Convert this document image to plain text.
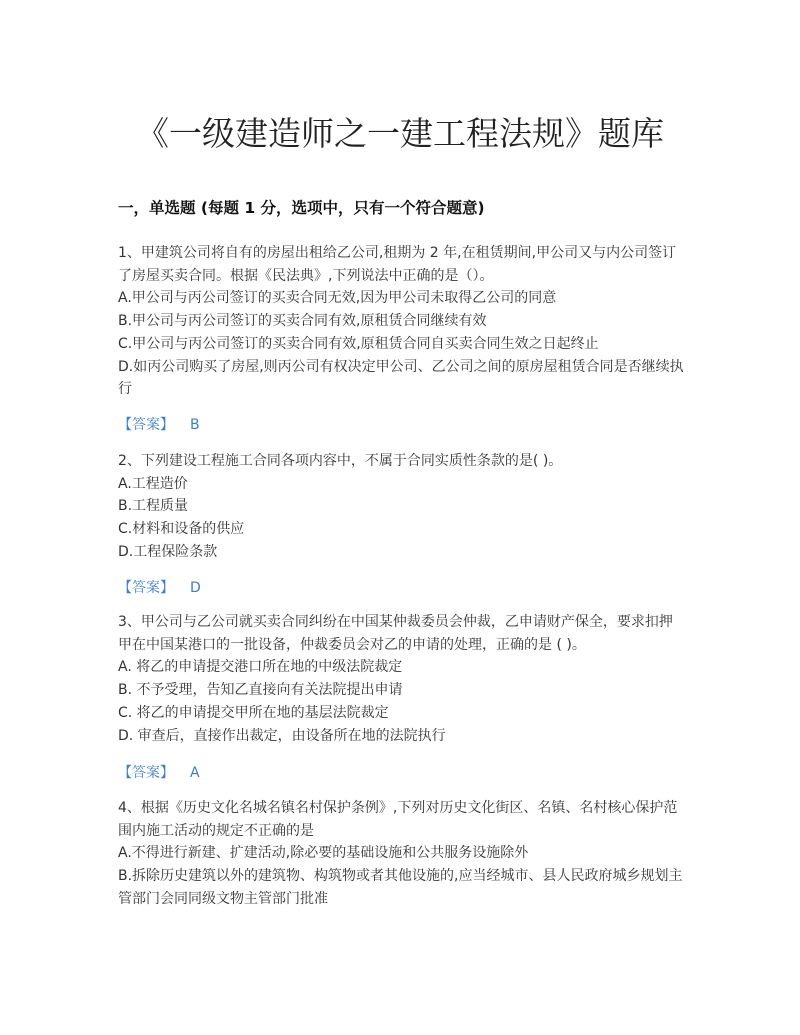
《一级建造师之一建工程法规》题库
一，单选题 (每题 1 分，选项中，只有一个符合题意)

1、甲建筑公司将自有的房屋出租给乙公司,租期为 2 年,在租赁期间,甲公司又与内公司签订了房屋买卖合同。根据《民法典》,下列说法中正确的是（）。

A.甲公司与丙公司签订的买卖合同无效,因为甲公司未取得乙公司的同意

B.甲公司与丙公司签订的买卖合同有效,原租赁合同继续有效

C.甲公司与丙公司签订的买卖合同有效,原租赁合同自买卖合同生效之日起终止

D.如丙公司购买了房屋,则丙公司有权决定甲公司、乙公司之间的原房屋租赁合同是否继续执行

【答案】 B

2、下列建设工程施工合同各项内容中，不属于合同实质性条款的是( )。

A.工程造价

B.工程质量

C.材料和设备的供应

D.工程保险条款

【答案】 D

3、甲公司与乙公司就买卖合同纠纷在中国某仲裁委员会仲裁，乙申请财产保全，要求扣押甲在中国某港口的一批设备，仲裁委员会对乙的申请的处理，正确的是 ( )。

A. 将乙的申请提交港口所在地的中级法院裁定

B. 不予受理，告知乙直接向有关法院提出申请

C. 将乙的申请提交甲所在地的基层法院裁定

D. 审查后，直接作出裁定，由设备所在地的法院执行

【答案】 A

4、根据《历史文化名城名镇名村保护条例》,下列对历史文化街区、名镇、名村核心保护范围内施工活动的规定不正确的是

A.不得进行新建、扩建活动,除必要的基础设施和公共服务设施除外

B.拆除历史建筑以外的建筑物、构筑物或者其他设施的,应当经城市、县人民政府城乡规划主管部门会同同级文物主管部门批准
